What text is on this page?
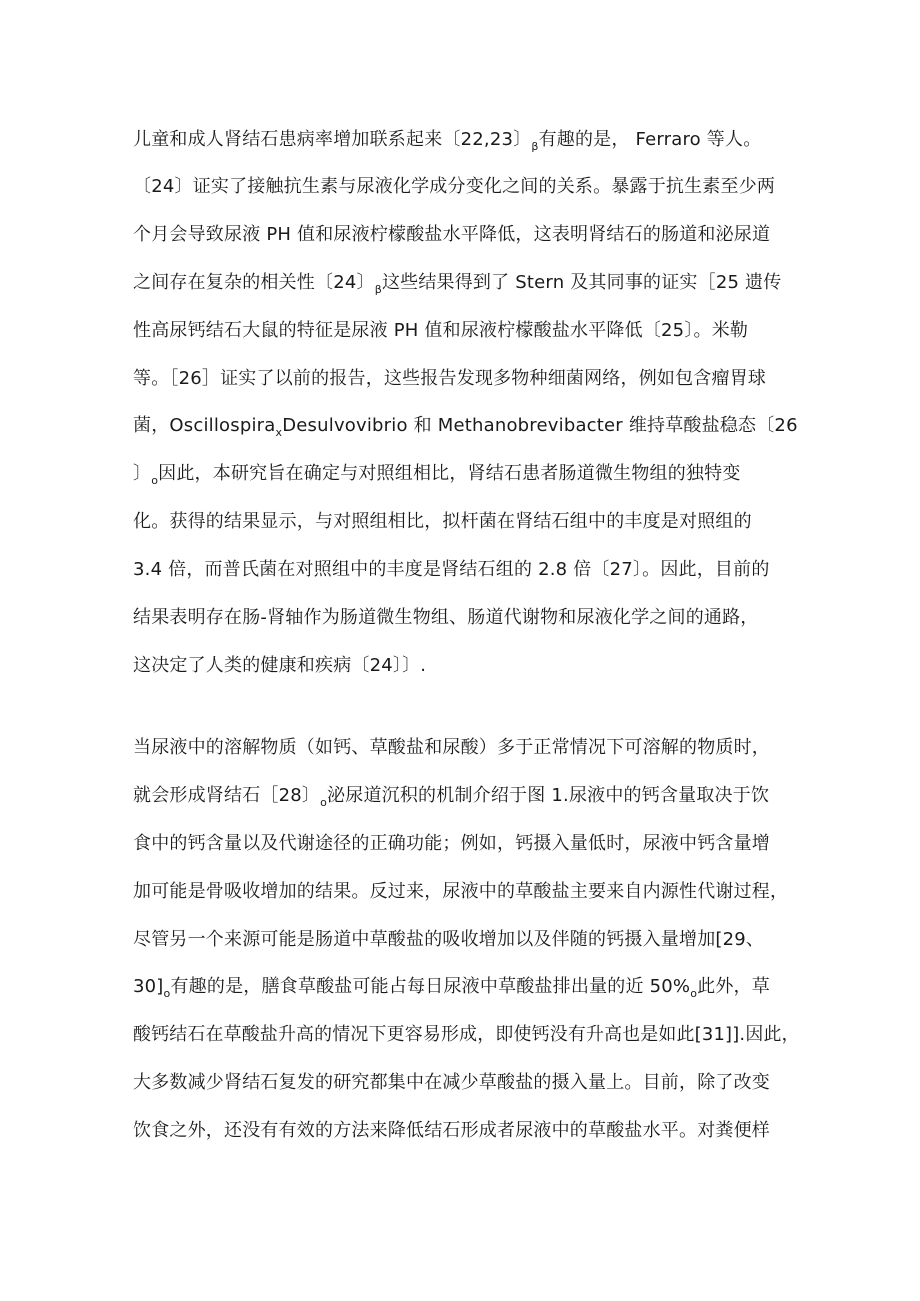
儿童和成人肾结石患病率增加联系起来〔22,23〕$_\beta$有趣的是， Ferraro 等人。
〔24〕证实了接触抗生素与尿液化学成分变化之间的关系。暴露于抗生素至少两
个月会导致尿液 PH 值和尿液柠檬酸盐水平降低，这表明肾结石的肠道和泌尿道
之间存在复杂的相关性〔24〕$_\beta$这些结果得到了 Stern 及其同事的证实［25 遗传
性高尿钙结石大鼠的特征是尿液 PH 值和尿液柠檬酸盐水平降低〔25〕。米勒
等。［26］证实了以前的报告，这些报告发现多物种细菌网络，例如包含瘤胃球
菌，Oscillospira$_x$Desulvovibrio 和 Methanobrevibacter 维持草酸盐稳态〔26
〕$_o$因此，本研究旨在确定与对照组相比，肾结石患者肠道微生物组的独特变
化。获得的结果显示，与对照组相比，拟杆菌在肾结石组中的丰度是对照组的
3.4 倍，而普氏菌在对照组中的丰度是肾结石组的 2.8 倍〔27〕。因此，目前的
结果表明存在肠-肾轴作为肠道微生物组、肠道代谢物和尿液化学之间的通路，
这决定了人类的健康和疾病〔24〕〕.
当尿液中的溶解物质（如钙、草酸盐和尿酸）多于正常情况下可溶解的物质时，
就会形成肾结石［28〕$_o$泌尿道沉积的机制介绍于图 1.尿液中的钙含量取决于饮
食中的钙含量以及代谢途径的正确功能；例如，钙摄入量低时，尿液中钙含量增
加可能是骨吸收增加的结果。反过来，尿液中的草酸盐主要来自内源性代谢过程，
尽管另一个来源可能是肠道中草酸盐的吸收增加以及伴随的钙摄入量增加[29、
$30]_o$有趣的是，膳食草酸盐可能占每日尿液中草酸盐排出量的近 $50\%_o$此外，草
酸钙结石在草酸盐升高的情况下更容易形成，即使钙没有升高也是如此[31]].因此，
大多数减少肾结石复发的研究都集中在减少草酸盐的摄入量上。目前，除了改变
饮食之外，还没有有效的方法来降低结石形成者尿液中的草酸盐水平。对粪便样
